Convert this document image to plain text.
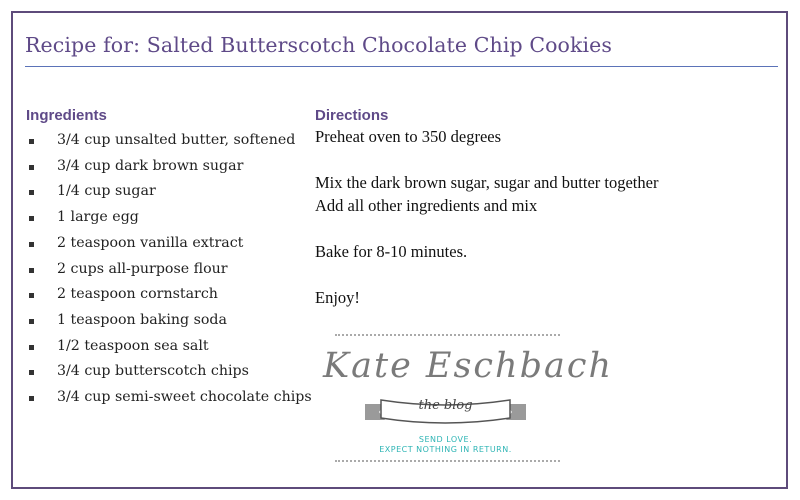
Recipe for: Salted Butterscotch Chocolate Chip Cookies
Ingredients
3/4 cup unsalted butter, softened
3/4 cup dark brown sugar
1/4 cup sugar
1 large egg
2 teaspoon vanilla extract
2 cups all-purpose flour
2 teaspoon cornstarch
1 teaspoon baking soda
1/2 teaspoon sea salt
3/4 cup butterscotch chips
3/4 cup semi-sweet chocolate chips
Directions
Preheat oven to 350 degrees
Mix the dark brown sugar, sugar and butter together
Add all other ingredients and mix
Bake for 8-10 minutes.
Enjoy!
Kate Eschbach
the blog
SEND LOVE.
EXPECT NOTHING IN RETURN.
